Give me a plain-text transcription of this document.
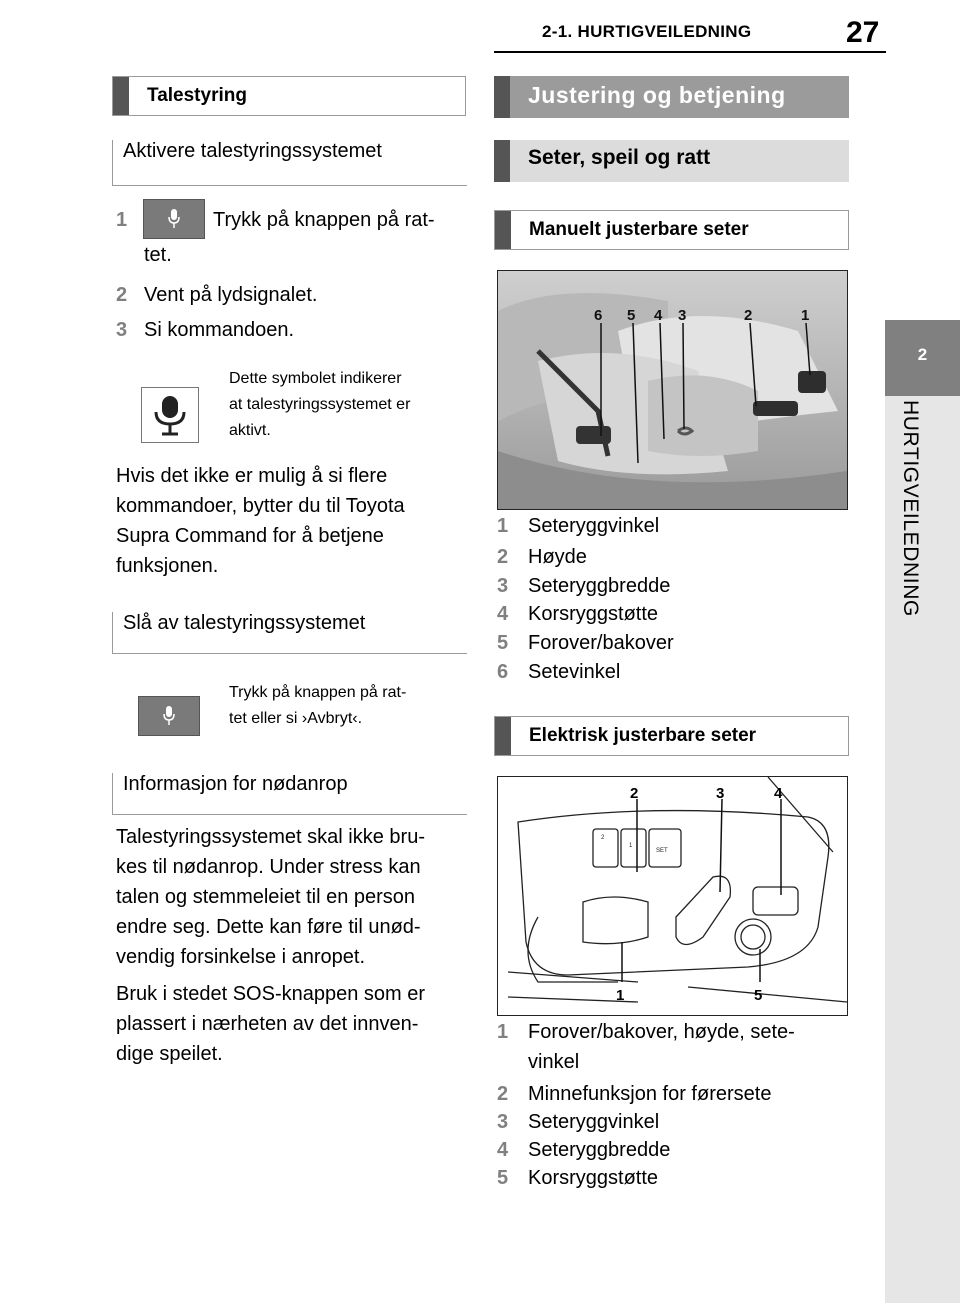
2-1. HURTIGVEILEDNING	27
2
HURTIGVEILEDNING
Talestyring
Aktivere talestyringssystemet
1	Trykk på knappen på rat-
tet.
2 Vent på lydsignalet.
3 Si kommandoen.
Dette symbolet indikerer
at talestyringssystemet er
aktivt.
Hvis det ikke er mulig å si flere
kommandoer, bytter du til Toyota
Supra Command for å betjene
funksjonen.
Slå av talestyringssystemet
Trykk på knappen på rat-
tet eller si ›Avbryt‹.
Informasjon for nødanrop
Talestyringssystemet skal ikke bru-
kes til nødanrop. Under stress kan
talen og stemmeleiet til en person
endre seg. Dette kan føre til unød-
vendig forsinkelse i anropet.
Bruk i stedet SOS-knappen som er
plassert i nærheten av det innven-
dige speilet.
Justering og betjening
Seter, speil og ratt
Manuelt justerbare seter
6 5 4 3	2	1
1 Seteryggvinkel
2 Høyde
3 Seteryggbredde
4 Korsryggstøtte
5 Forover/bakover
6 Setevinkel
Elektrisk justerbare seter
2
1
SET
2	3	4
1	5
1 Forover/bakover, høyde, sete-
vinkel
2 Minnefunksjon for førersete
3 Seteryggvinkel
4 Seteryggbredde
5 Korsryggstøtte
